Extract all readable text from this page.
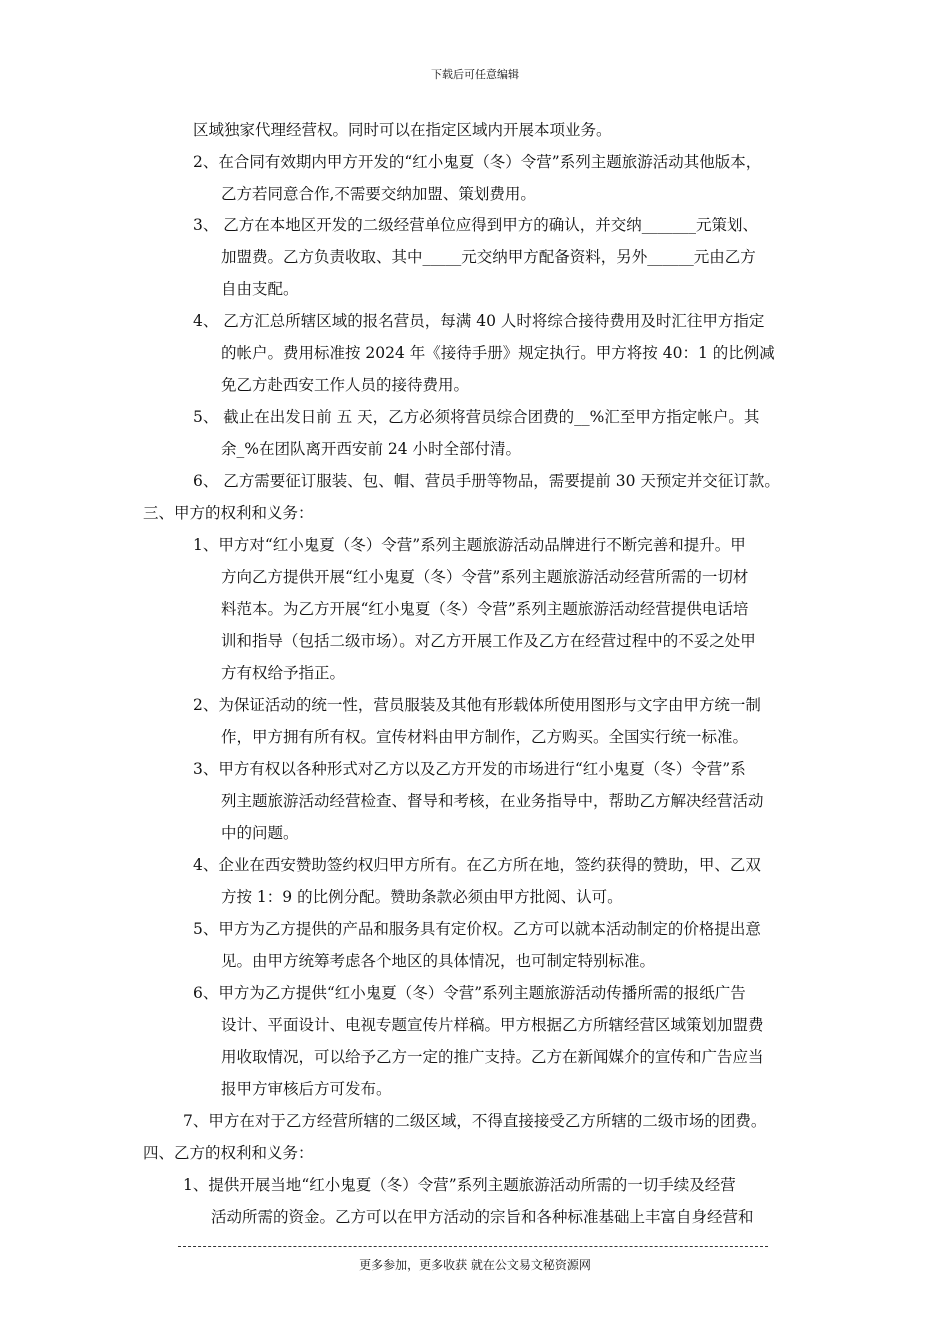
下载后可任意编辑
区域独家代理经营权。同时可以在指定区域内开展本项业务。
2、在合同有效期内甲方开发的“红小鬼夏（冬）令营”系列主题旅游活动其他版本，
乙方若同意合作,不需要交纳加盟、策划费用。
3、 乙方在本地区开发的二级经营单位应得到甲方的确认，并交纳_______元策划、
加盟费。乙方负责收取、其中_____元交纳甲方配备资料，另外______元由乙方
自由支配。
4、 乙方汇总所辖区域的报名营员，每满 40 人时将综合接待费用及时汇往甲方指定
的帐户。费用标准按 2024 年《接待手册》规定执行。甲方将按 40：1 的比例减
免乙方赴西安工作人员的接待费用。
5、 截止在出发日前 五 天，乙方必须将营员综合团费的__%汇至甲方指定帐户。其
余_%在团队离开西安前 24 小时全部付清。
6、 乙方需要征订服装、包、帽、营员手册等物品，需要提前 30 天预定并交征订款。
三、甲方的权利和义务：
1、甲方对“红小鬼夏（冬）令营”系列主题旅游活动品牌进行不断完善和提升。甲
方向乙方提供开展“红小鬼夏（冬）令营”系列主题旅游活动经营所需的一切材
料范本。为乙方开展“红小鬼夏（冬）令营”系列主题旅游活动经营提供电话培
训和指导（包括二级市场）。对乙方开展工作及乙方在经营过程中的不妥之处甲
方有权给予指正。
2、为保证活动的统一性，营员服装及其他有形载体所使用图形与文字由甲方统一制
作，甲方拥有所有权。宣传材料由甲方制作，乙方购买。全国实行统一标准。
3、甲方有权以各种形式对乙方以及乙方开发的市场进行“红小鬼夏（冬）令营”系
列主题旅游活动经营检查、督导和考核，在业务指导中，帮助乙方解决经营活动
中的问题。
4、企业在西安赞助签约权归甲方所有。在乙方所在地，签约获得的赞助，甲、乙双
方按 1：9 的比例分配。赞助条款必须由甲方批阅、认可。
5、甲方为乙方提供的产品和服务具有定价权。乙方可以就本活动制定的价格提出意
见。由甲方统筹考虑各个地区的具体情况，也可制定特别标准。
6、甲方为乙方提供“红小鬼夏（冬）令营”系列主题旅游活动传播所需的报纸广告
设计、平面设计、电视专题宣传片样稿。甲方根据乙方所辖经营区域策划加盟费
用收取情况，可以给予乙方一定的推广支持。乙方在新闻媒介的宣传和广告应当
报甲方审核后方可发布。
7、甲方在对于乙方经营所辖的二级区域，不得直接接受乙方所辖的二级市场的团费。
四、乙方的权利和义务：
1、提供开展当地“红小鬼夏（冬）令营”系列主题旅游活动所需的一切手续及经营
活动所需的资金。乙方可以在甲方活动的宗旨和各种标准基础上丰富自身经营和
更多参加，更多收获 就在公文易文秘资源网
